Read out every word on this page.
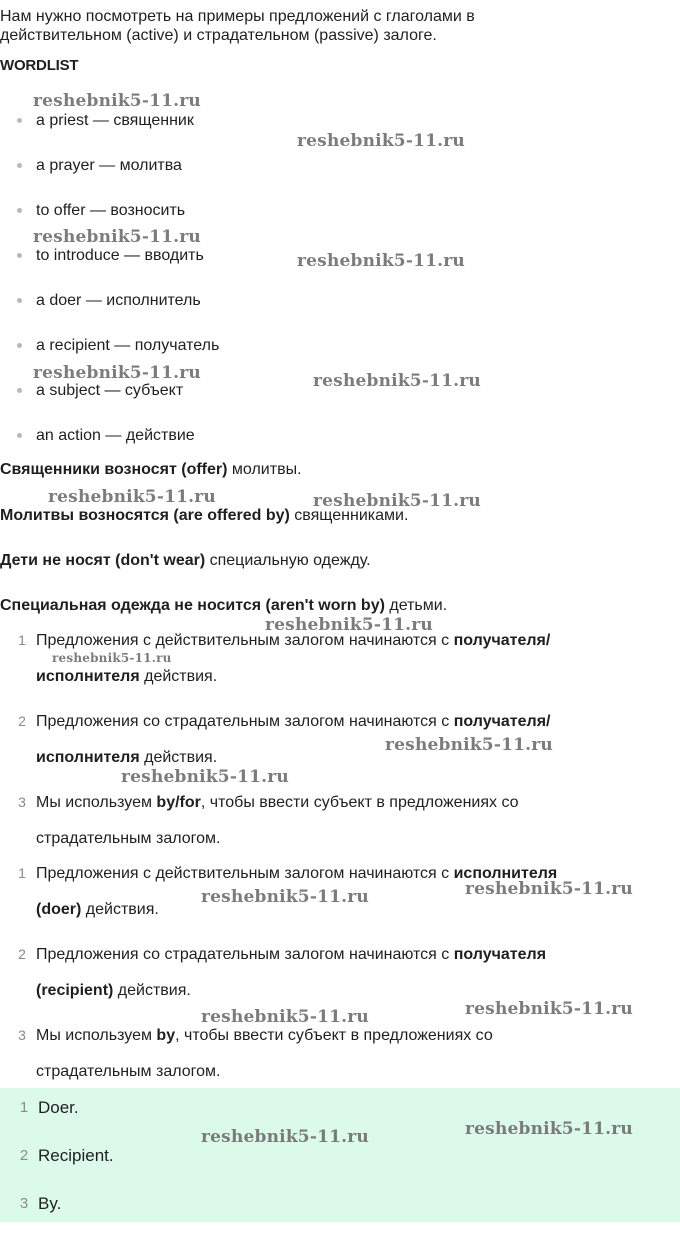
Нам нужно посмотреть на примеры предложений с глаголами в
действительном (active) и страдательном (passive) залоге.
WORDLIST
a priest — священник
a prayer — молитва
to offer — возносить
to introduce — вводить
a doer — исполнитель
a recipient — получатель
a subject — субъект
an action — действие
Священники возносят (offer) молитвы.
Молитвы возносятся (are offered by) священниками.
Дети не носят (don't wear) специальную одежду.
Специальная одежда не носится (aren't worn by) детьми.
1 Предложения с действительным залогом начинаются с получателя/
исполнителя действия.
2 Предложения со страдательным залогом начинаются с получателя/
исполнителя действия.
3 Мы используем by/for, чтобы ввести субъект в предложениях со
страдательным залогом.
1 Предложения с действительным залогом начинаются с исполнителя
(doer) действия.
2 Предложения со страдательным залогом начинаются с получателя
(recipient) действия.
3 Мы используем by, чтобы ввести субъект в предложениях со
страдательным залогом.
1 Doer.
2 Recipient.
3 By.
reshebnik5-11.ru
reshebnik5-11.ru
reshebnik5-11.ru
reshebnik5-11.ru
reshebnik5-11.ru	reshebnik5-11.ru
reshebnik5-11.ru	reshebnik5-11.ru
reshebnik5-11.ru
reshebnik5-11.ru
reshebnik5-11.ru
reshebnik5-11.ru
reshebnik5-11.ru
reshebnik5-11.ru
reshebnik5-11.ru
reshebnik5-11.ru
reshebnik5-11.ru
reshebnik5-11.ru
